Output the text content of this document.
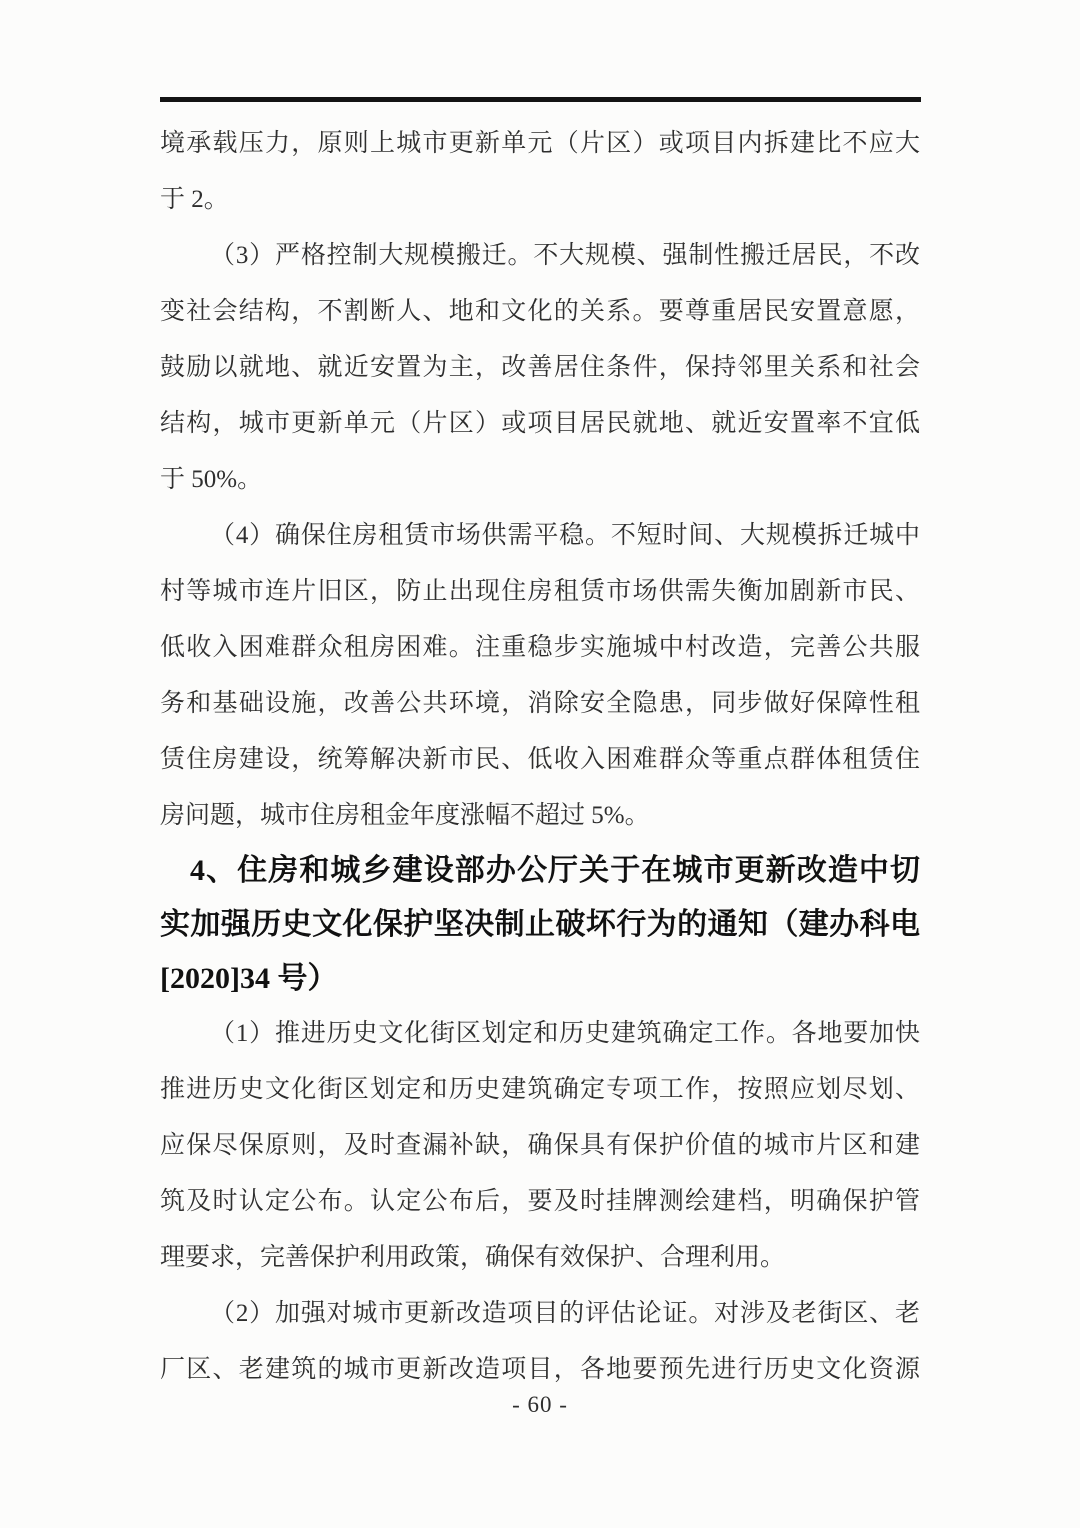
境承载压力，原则上城市更新单元（片区）或项目内拆建比不应大
于 2。
（3）严格控制大规模搬迁。不大规模、强制性搬迁居民，不改
变社会结构，不割断人、地和文化的关系。要尊重居民安置意愿，
鼓励以就地、就近安置为主，改善居住条件，保持邻里关系和社会
结构，城市更新单元（片区）或项目居民就地、就近安置率不宜低
于 50%。
（4）确保住房租赁市场供需平稳。不短时间、大规模拆迁城中
村等城市连片旧区，防止出现住房租赁市场供需失衡加剧新市民、
低收入困难群众租房困难。注重稳步实施城中村改造，完善公共服
务和基础设施，改善公共环境，消除安全隐患，同步做好保障性租
赁住房建设，统筹解决新市民、低收入困难群众等重点群体租赁住
房问题，城市住房租金年度涨幅不超过 5%。
4、住房和城乡建设部办公厅关于在城市更新改造中切
实加强历史文化保护坚决制止破坏行为的通知（建办科电
[2020]34 号）
（1）推进历史文化街区划定和历史建筑确定工作。各地要加快
推进历史文化街区划定和历史建筑确定专项工作，按照应划尽划、
应保尽保原则，及时查漏补缺，确保具有保护价值的城市片区和建
筑及时认定公布。认定公布后，要及时挂牌测绘建档，明确保护管
理要求，完善保护利用政策，确保有效保护、合理利用。
（2）加强对城市更新改造项目的评估论证。对涉及老街区、老
厂区、老建筑的城市更新改造项目，各地要预先进行历史文化资源
- 60 -
